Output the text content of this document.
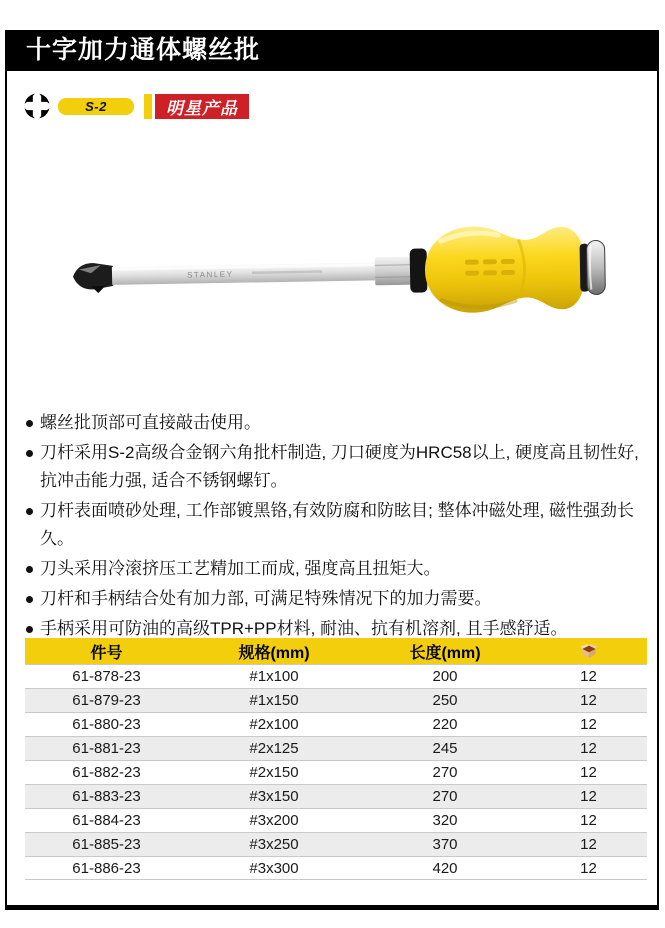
十字加力通体螺丝批
S-2	明星产品
STANLEY
螺丝批顶部可直接敲击使用。
刀杆采用S-2高级合金钢六角批杆制造, 刀口硬度为HRC58以上, 硬度高且韧性好, 抗冲击能力强, 适合不锈钢螺钉。
刀杆表面喷砂处理, 工作部镀黑铬,有效防腐和防眩目; 整体冲磁处理, 磁性强劲长久。
刀头采用冷滚挤压工艺精加工而成, 强度高且扭矩大。
刀杆和手柄结合处有加力部, 可满足特殊情况下的加力需要。
手柄采用可防油的高级TPR+PP材料, 耐油、抗有机溶剂, 且手感舒适。
件号	规格(mm)	长度(mm)
61-878-23	#1x100	200	12
61-879-23	#1x150	250	12
61-880-23	#2x100	220	12
61-881-23	#2x125	245	12
61-882-23	#2x150	270	12
61-883-23	#3x150	270	12
61-884-23	#3x200	320	12
61-885-23	#3x250	370	12
61-886-23	#3x300	420	12
